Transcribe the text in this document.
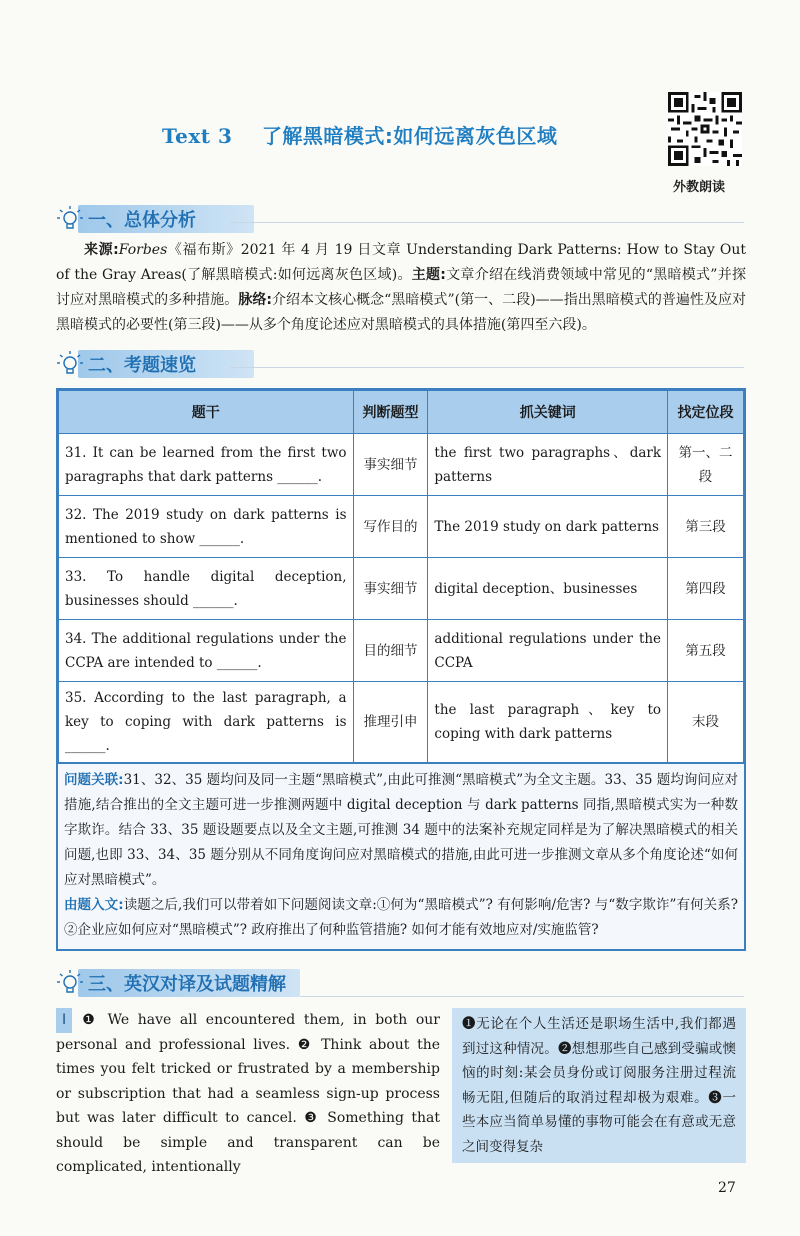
Text 3 了解黑暗模式:如何远离灰色区域
外教朗读
一、总体分析
来源:Forbes《福布斯》2021 年 4 月 19 日文章 Understanding Dark Patterns: How to Stay Out of the Gray Areas(了解黑暗模式:如何远离灰色区域)。主题:文章介绍在线消费领域中常见的“黑暗模式”并探讨应对黑暗模式的多种措施。脉络:介绍本文核心概念“黑暗模式”(第一、二段)——指出黑暗模式的普遍性及应对黑暗模式的必要性(第三段)——从多个角度论述应对黑暗模式的具体措施(第四至六段)。
二、考题速览
题干	判断题型	抓关键词	找定位段
31. It can be learned from the first two paragraphs that dark patterns ______.	事实细节	the first two paragraphs、dark patterns	第一、二段
32. The 2019 study on dark patterns is mentioned to show ______.	写作目的	The 2019 study on dark patterns	第三段
33. To handle digital deception, businesses should ______.	事实细节	digital deception、businesses	第四段
34. The additional regulations under the CCPA are intended to ______.	目的细节	additional regulations under the CCPA	第五段
35. According to the last paragraph, a key to coping with dark patterns is ______.	推理引申	the last paragraph、key to coping with dark patterns	末段
问题关联:31、32、35 题均问及同一主题“黑暗模式”,由此可推测“黑暗模式”为全文主题。33、35 题均询问应对措施,结合推出的全文主题可进一步推测两题中 digital deception 与 dark patterns 同指,黑暗模式实为一种数字欺诈。结合 33、35 题设题要点以及全文主题,可推测 34 题中的法案补充规定同样是为了解决黑暗模式的相关问题,也即 33、34、35 题分别从不同角度询问应对黑暗模式的措施,由此可进一步推测文章从多个角度论述“如何应对黑暗模式”。
由题入文:读题之后,我们可以带着如下问题阅读文章:①何为“黑暗模式”? 有何影响/危害? 与“数字欺诈”有何关系? ②企业应如何应对“黑暗模式”? 政府推出了何种监管措施? 如何才能有效地应对/实施监管?
三、英汉对译及试题精解
I ❶ We have all encountered them, in both our personal and professional lives. ❷ Think about the times you felt tricked or frustrated by a membership or subscription that had a seamless sign-up process but was later difficult to cancel. ❸ Something that should be simple and transparent can be complicated, intentionally
❶无论在个人生活还是职场生活中,我们都遇到过这种情况。❷想想那些自己感到受骗或懊恼的时刻:某会员身份或订阅服务注册过程流畅无阻,但随后的取消过程却极为艰难。❸一些本应当简单易懂的事物可能会在有意或无意之间变得复杂
27
